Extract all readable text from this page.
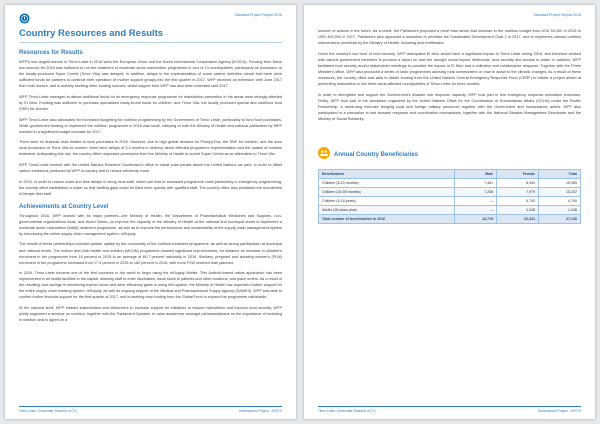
Standard Project Report 2016
Country Resources and Results
Resources for Results

WFP's two largest donors in Timor-Leste in 2016 were the European Union and the Korea International Cooperation Agency (KOICA). Funding from these two sources for 2016 was sufficient to run the treatment of moderate acute malnutrition programme in four of 13 municipalities, particularly as production of the locally produced Super Cereal (Timor Vita) was delayed. In addition, delays in the implementation of some partner activities meant that there were sufficient funds for partners to continue their operation of mother support groups into the first quarter in 2017. WFP received an extension until June 2017 from both donors, and is actively seeking other funding sources, whilst support from WFP has also been extended until 2017.

WFP Timor-Leste managed to attract additional funds for its emergency response programme for malnutrition prevention in the areas most strongly affected by El Nino. Funding was sufficient to purchase specialised ready-to-eat foods for children, and Timor Vita, the locally produced special and nutritious food (SNF) for women.

WFP Timor-Leste also advocated for increased budgeting for nutrition programming by the Government of Timor-Leste, particularly to fund food purchases. While government funding to implement the nutrition programme in 2016 was small, lobbying of both the Ministry of Health and national parliament by WFP resulted in a significant budget increase for 2017.

There were no financial risks related to food purchases in 2016. However, due to high global demand for Plumpy'Doz, the SNF for children, and the slow local production of Timor Vita for women, there were delays of 3-4 months in delivery, which affected programme implementation and the uptake of nutrition treatment. Anticipating this risk, the country office requested permission from the Ministry of Health to import Super Cereal as an alternative to Timor Vita.

WFP Timor-Leste worked with the United Nations Resident Coordinator's office to install solar panels above the United Nations car park, in order to offset carbon emissions produced by WFP in-country and to reduce electricity costs.

In 2016, in order to reduce costs and time delays in hiring local staff, which can lead to increased programme costs particularly in emergency programming, the country office established a roster so that staffing gaps could be filled more quickly with qualified staff. The country office also prioritised the recruitment of female field staff.

Achievements at Country Level

Throughout 2016, WFP worked with its major partners—the Ministry of Health, the Department of Pharmaceutical Medicines and Supplies, non-governmental organizations Alola, and World Vision—to improve the capacity of the Ministry of Health at the national and municipal levels to implement a moderate acute malnutrition (MAM) treatment programme, as well as to improve the performance and sustainability of the supply chain management system by introducing the online supply chain management system, mSupply.

The results of these partnerships included greater uptake by the community of the nutrition treatment programme, as well as strong participation at municipal and national levels. The mother and child health and nutrition (MCHN) programme showed significant improvements, for instance an increase in children's enrolment in the programme from 16 percent in 2015 to an average of 60.7 percent nationally in 2016. Similarly, pregnant and lactating women's (PLW) enrolment in the programme increased from 17.4 percent in 2015 to 162 percent in 2016, with more PLW reached than planned.

In 2016, Timor-Leste became one of the first countries in the world to begin using the mSupply Mobile. This Android-based native application has been implemented in all health facilities in the capital, allowing staff to enter stocktakes, issue stock to patients and other locations, and place orders. As a result of the resulting cost savings in minimising expired stock and other efficiency gains in using this system, the Ministry of Health has requested further support for the entire supply chain tracking system, mSupply, as well as ongoing support of the Medical and Pharmaceutical Supply Agency (SAMES). WFP was able to confirm further financial support for the first quarter of 2017, and is seeking new funding from the Global Fund to expand the programme nationwide.

At the national level, WFP lobbied stakeholders and influencers to increase support for initiatives to reduce malnutrition and improve food security. WFP jointly organized a seminar on nutrition, together with the Parliament Speaker, to raise awareness amongst parliamentarians on the importance of investing in nutrition and to agree on a

Timor-Leste, Democratic Republic of (TL)	Development Project - 200770
Standard Project Report 2016

number of actions in the future. As a result, the Parliament proposed a more than seven-fold increase in the nutrition budget from USD 54,000 in 2016 to USD 400,000 in 2017. Parliament also approved a resolution to prioritise the Sustainable Development Goal 2 in 2017, and to implement various nutrition interventions prioritised by the Ministry of Health, including food fortification.

Given the country's low level of food security, WFP anticipated El Nino would have a significant impact in Timor-Leste during 2016, and therefore worked with various government ministries to produce a report on how the drought would impact livelihoods, food security and access to water. In addition, WFP facilitated food security and/or stakeholder meetings to consider the impact of El Nino and a collective and collaborative response. Together with the Prime Minister's office, WFP also produced a series of radio programmes advising rural communities on how to adapt to the climatic changes. As a result of these measures, the country office was able to obtain funding from the United Nations Central Emergency Response Fund (CERF) to initiate a project aimed at preventing malnutrition in the three worst-affected municipalities of Timor-Leste for three months.

In order to strengthen and support the Government's disaster risk response capacity, WFP took part in two emergency response simulation exercises. Firstly, WFP took part in the simulation organized by the United Nations Office for the Coordination of Humanitarian Affairs (OCHA) under the Pacific Partnership, a week-long exercise bringing local and foreign military personnel together with the Government and humanitarian actors. WFP also participated in a simulation to test tsunami response and coordination mechanisms, together with the National Disaster Management Directorate and the Ministry of Social Solidarity.

Annual Country Beneficiaries
Beneficiaries	Male	Female	Total
Children (6-23 months)	7,461	8,494	15,955
Children (24-59 months)	7,258	7,979	15,237
Children (5-18 years)	—	4,700	4,700
Adults (18 years plus)	—	1,248	1,248
Total number of beneficiaries in 2016	14,719	22,421	37,140
Timor-Leste, Democratic Republic of (TL)	Development Project - 200770
